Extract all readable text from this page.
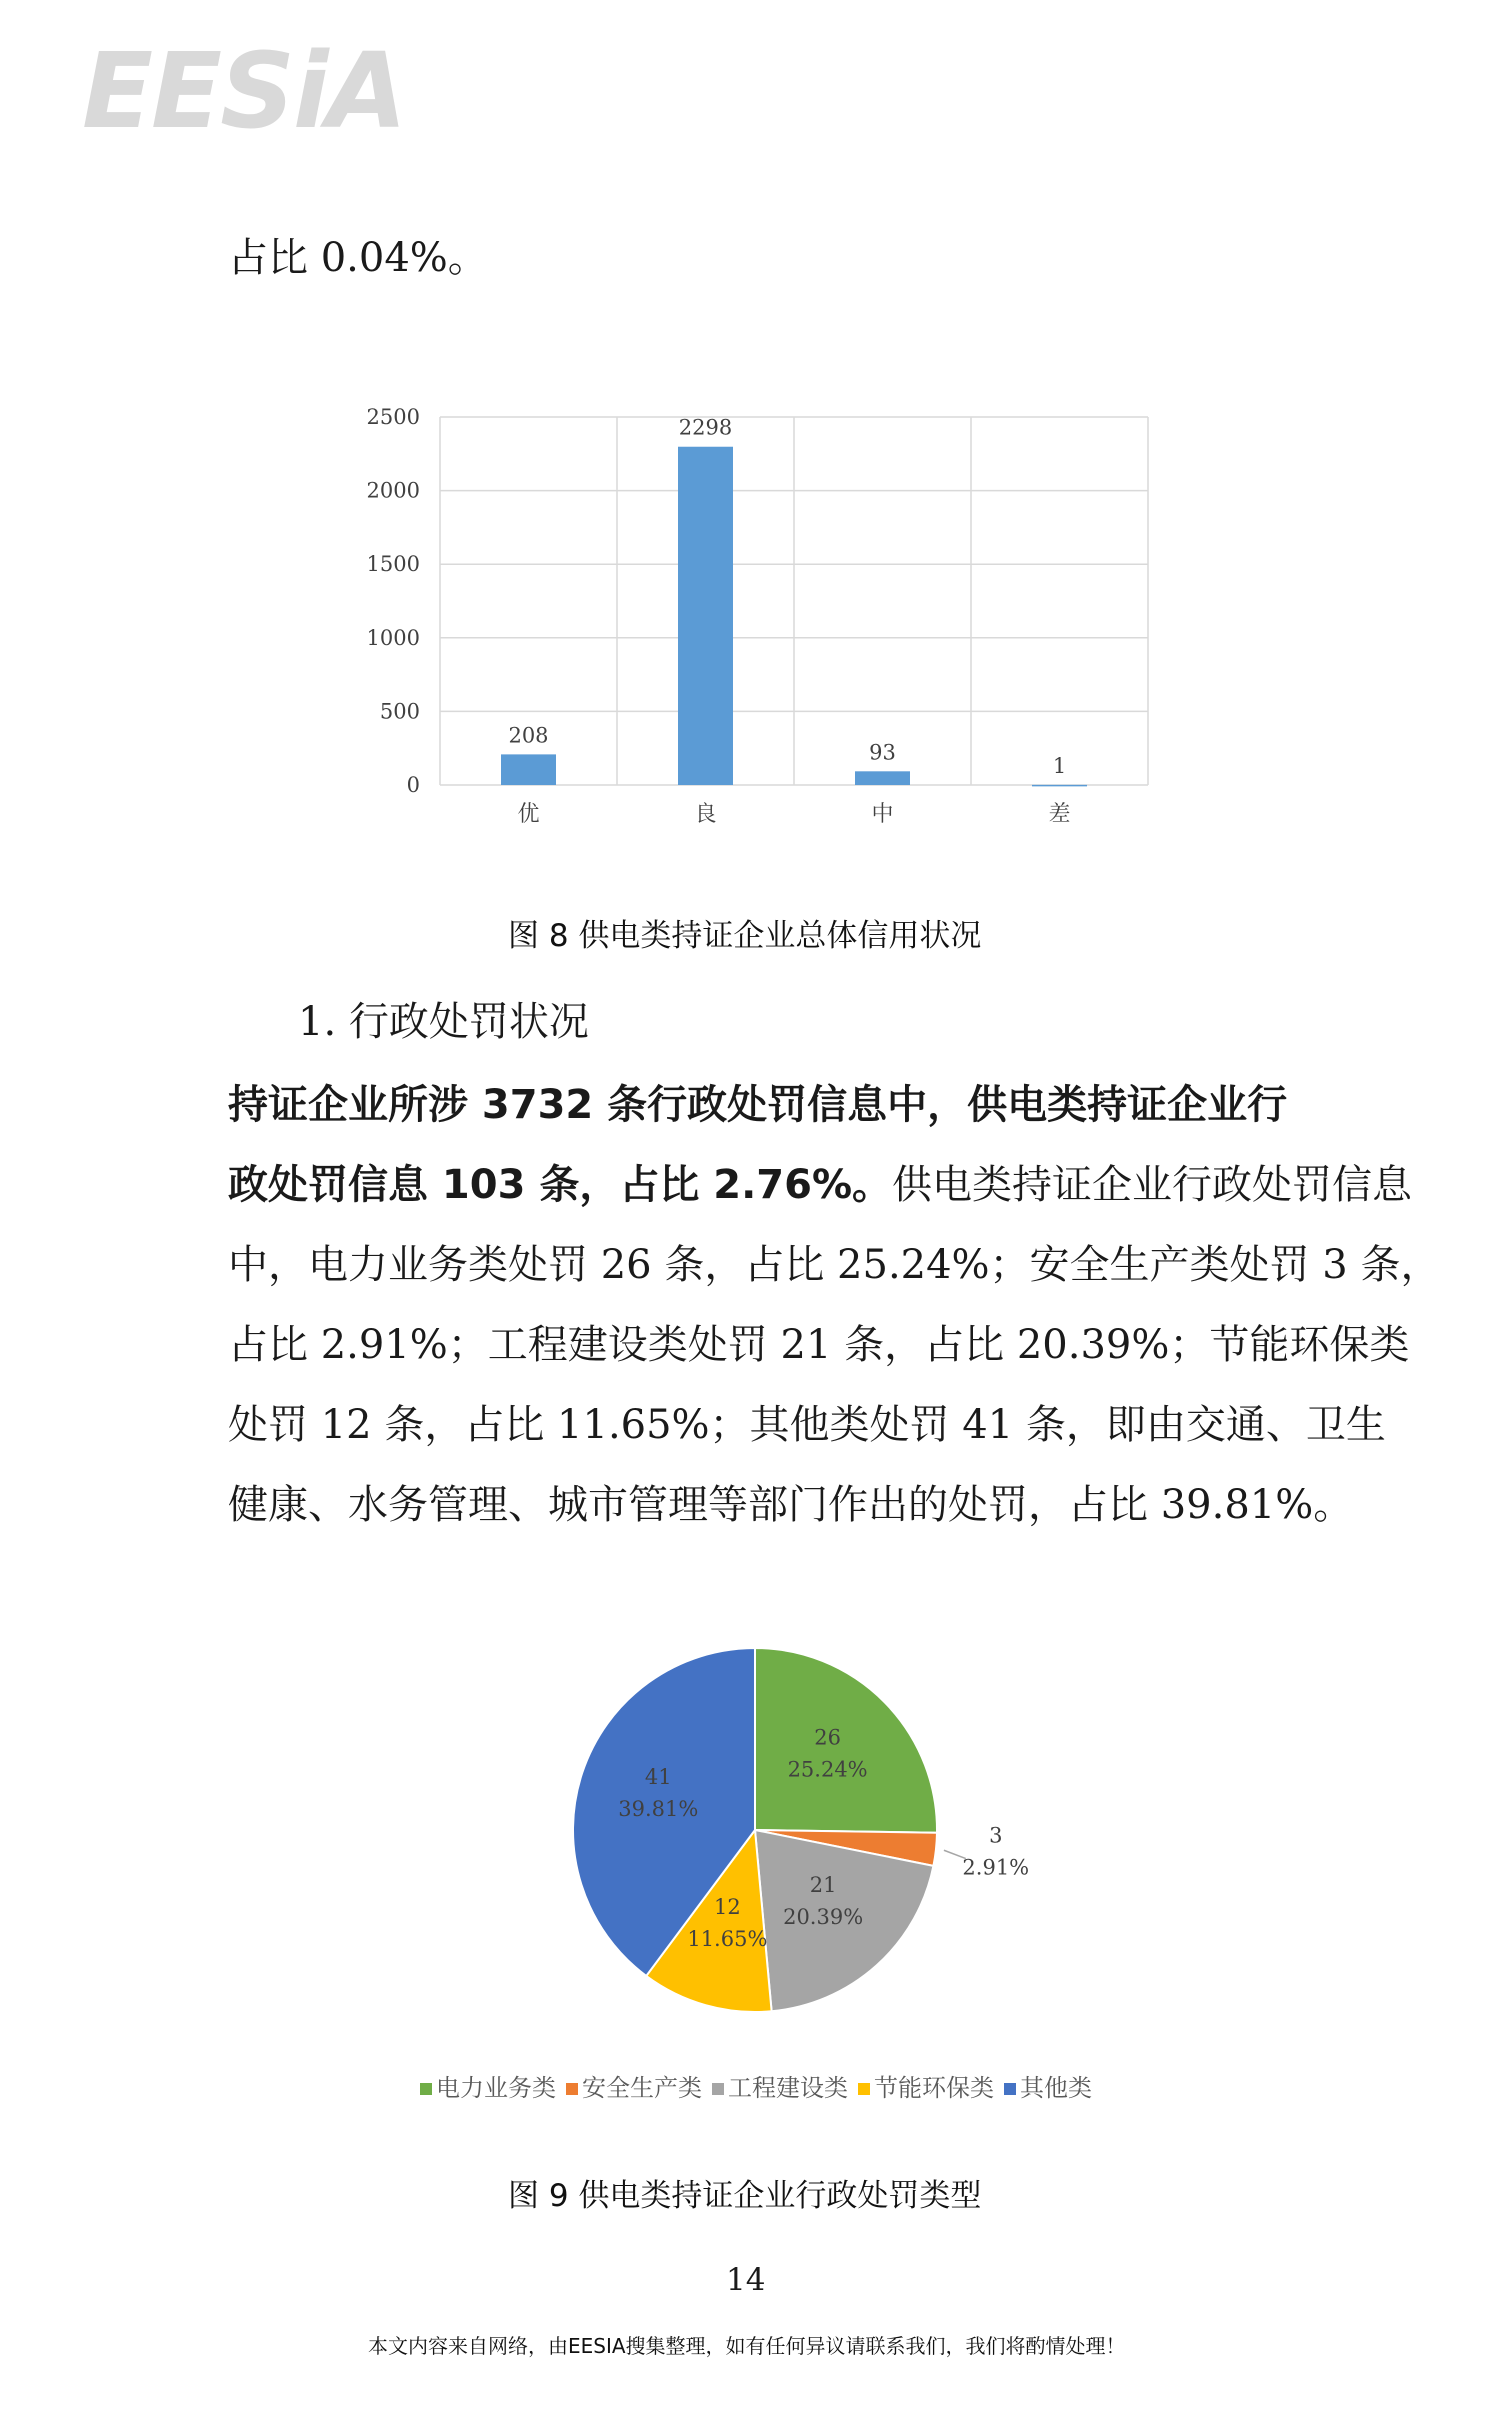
EESiA
占比 0.04%。
0
500
1000
1500
2000
2500
208
优
2298
良
93
中
1
差
图 8 供电类持证企业总体信用状况
1. 行政处罚状况
持证企业所涉 3732 条行政处罚信息中，供电类持证企业行
政处罚信息 103 条，占比 2.76%。供电类持证企业行政处罚信息
中，电力业务类处罚 26 条，占比 25.24%；安全生产类处罚 3 条，
占比 2.91%；工程建设类处罚 21 条，占比 20.39%；节能环保类
处罚 12 条，占比 11.65%；其他类处罚 41 条，即由交通、卫生
健康、水务管理、城市管理等部门作出的处罚，占比 39.81%。
26
25.24%
3
2.91%
21
20.39%
12
11.65%
41
39.81%
电力业务类 安全生产类 工程建设类 节能环保类 其他类
图 9 供电类持证企业行政处罚类型
14
本文内容来自网络，由EESIA搜集整理，如有任何异议请联系我们，我们将酌情处理！
